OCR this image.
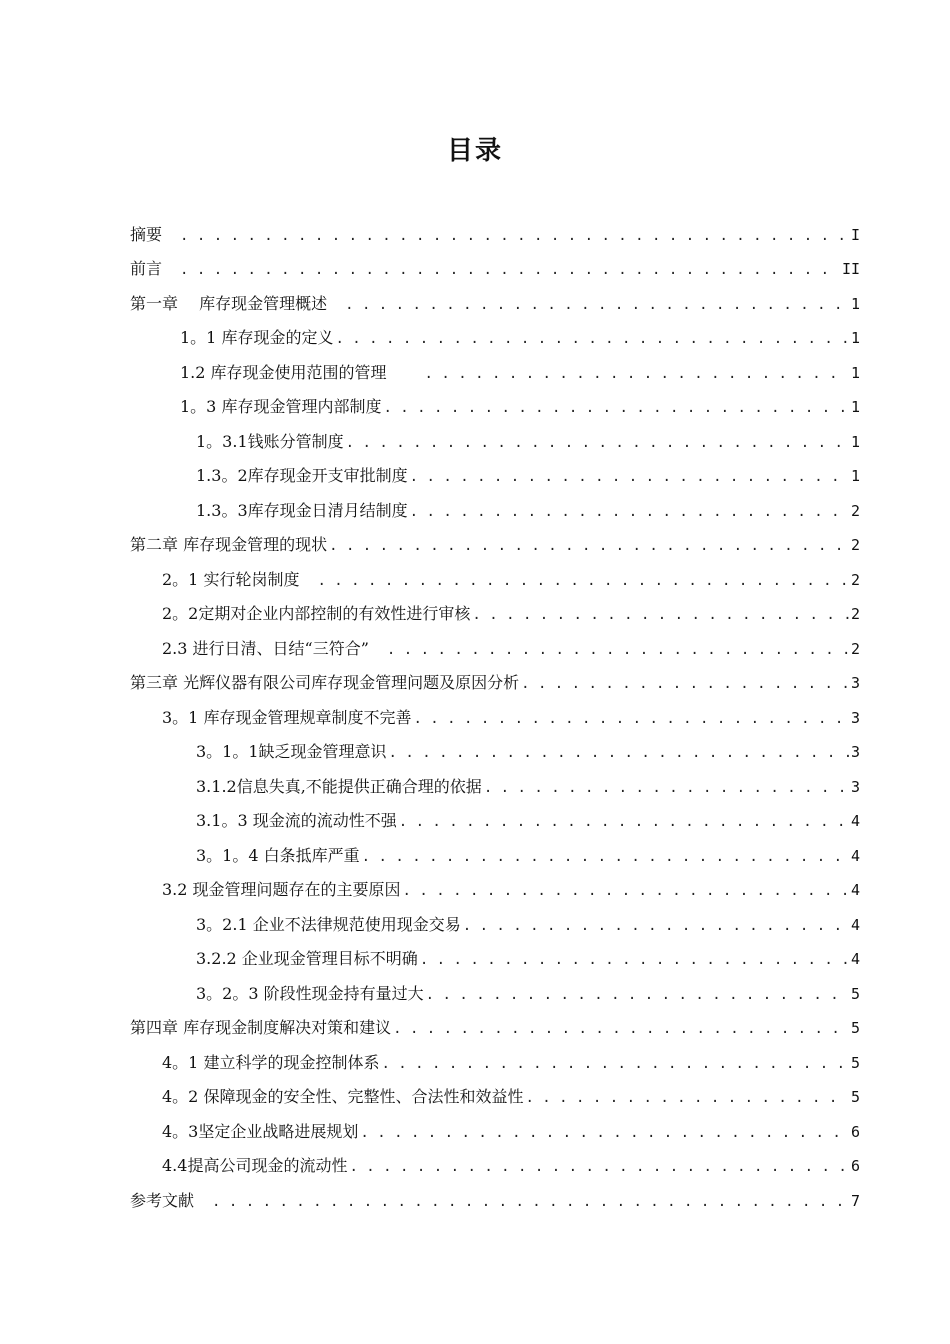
目录
摘要 . . .	I
前言 . . .	II
第一章　 库存现金管理概述 . . .	1
1。1 库存现金的定义 . . .	1
1.2 库存现金使用范围的管理 . . .	1
1。3 库存现金管理内部制度 . . .	1
1。3.1钱账分管制度 . . .	1
1.3。2库存现金开支审批制度 . . .	1
1.3。3库存现金日清月结制度 . . .	2
第二章 库存现金管理的现状 . . .	2
2。1 实行轮岗制度 . . .	2
2。2定期对企业内部控制的有效性进行审核 . . .	2
2.3 进行日清、日结“三符合” . . .	2
第三章 光辉仪器有限公司库存现金管理问题及原因分析 . . .	3
3。1 库存现金管理规章制度不完善 . . .	3
3。1。1缺乏现金管理意识 . . .	3
3.1.2信息失真,不能提供正确合理的依据 . . .	3
3.1。3 现金流的流动性不强 . . .	4
3。1。4 白条抵库严重 . . .	4
3.2 现金管理问题存在的主要原因 . . .	4
3。2.1 企业不法律规范使用现金交易 . . .	4
3.2.2 企业现金管理目标不明确 . . .	4
3。2。3 阶段性现金持有量过大 . . .	5
第四章 库存现金制度解决对策和建议 . . .	5
4。1 建立科学的现金控制体系 . . .	5
4。2 保障现金的安全性、完整性、合法性和效益性 . . .	5
4。3坚定企业战略进展规划 . . .	6
4.4提高公司现金的流动性 . . .	6
参考文献 . . .	7
